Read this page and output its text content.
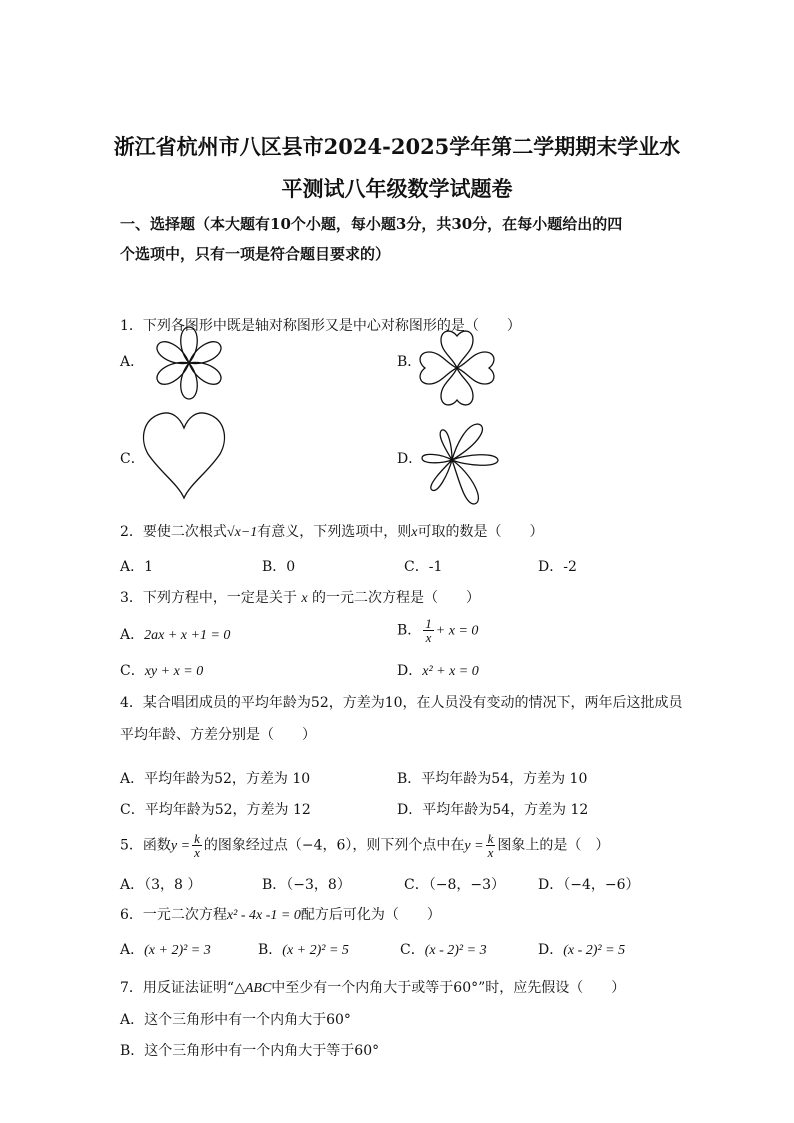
浙江省杭州市八区县市2024-2025学年第二学期期末学业水
平测试八年级数学试题卷
一、选择题（本大题有10个小题，每小题3分，共30分，在每小题给出的四
个选项中，只有一项是符合题目要求的）
1．下列各图形中既是轴对称图形又是中心对称图形的是（　　）
A．	B．
C．	D．
2．要使二次根式√x−1有意义，下列选项中，则x可取的数是（　　）
A．1	B．0	C．-1	D．-2
3．下列方程中，一定是关于 x 的一元二次方程是（　　）
A．2ax + x +1 = 0	B． $\frac{1}{x} + x = 0$
C．xy + x = 0	D．x² + x = 0
4．某合唱团成员的平均年龄为52，方差为10，在人员没有变动的情况下，两年后这批成员
平均年龄、方差分别是（　　）
A．平均年龄为52，方差为 10	B．平均年龄为54，方差为 10
C．平均年龄为52，方差为 12	D．平均年龄为54，方差为 12
5．函数$y = \frac{k}{x}$ 的图象经过点（−4，6），则下列个点中在$y = \frac{k}{x}$ 图象上的是（　）
A．（3，8 ）	B．（−3，8）	C．（−8，−3） D．（−4，−6）
6．一元二次方程x² - 4x -1 = 0配方后可化为（　　）
A．(x + 2)² = 3	B．(x + 2)² = 5	C．(x - 2)² = 3	D．(x - 2)² = 5
7．用反证法证明“△ABC中至少有一个内角大于或等于60°”时，应先假设（　　）
A．这个三角形中有一个内角大于60°
B．这个三角形中有一个内角大于等于60°
